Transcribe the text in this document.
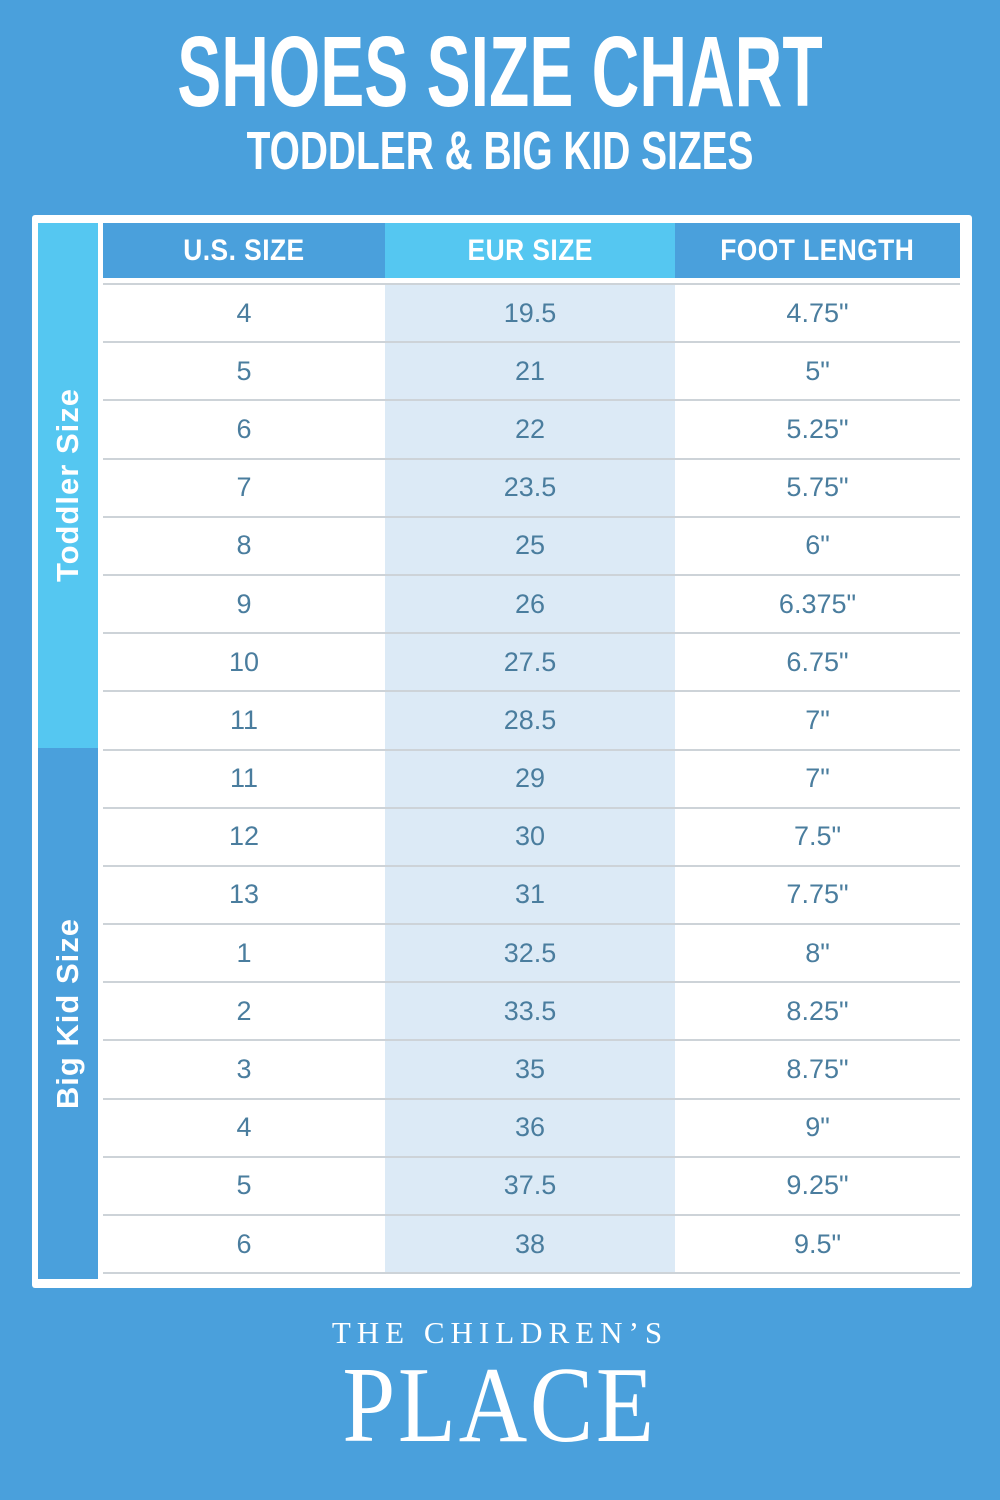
SHOES SIZE CHART
TODDLER & BIG KID SIZES
Toddler Size
Big Kid Size
U.S. SIZE	EUR SIZE	FOOT LENGTH
4	19.5	4.75"
5	21	5"
6	22	5.25"
7	23.5	5.75"
8	25	6"
9	26	6.375"
10	27.5	6.75"
11	28.5	7"
11	29	7"
12	30	7.5"
13	31	7.75"
1	32.5	8"
2	33.5	8.25"
3	35	8.75"
4	36	9"
5	37.5	9.25"
6	38	9.5"
THE CHILDREN’S
PLACE
